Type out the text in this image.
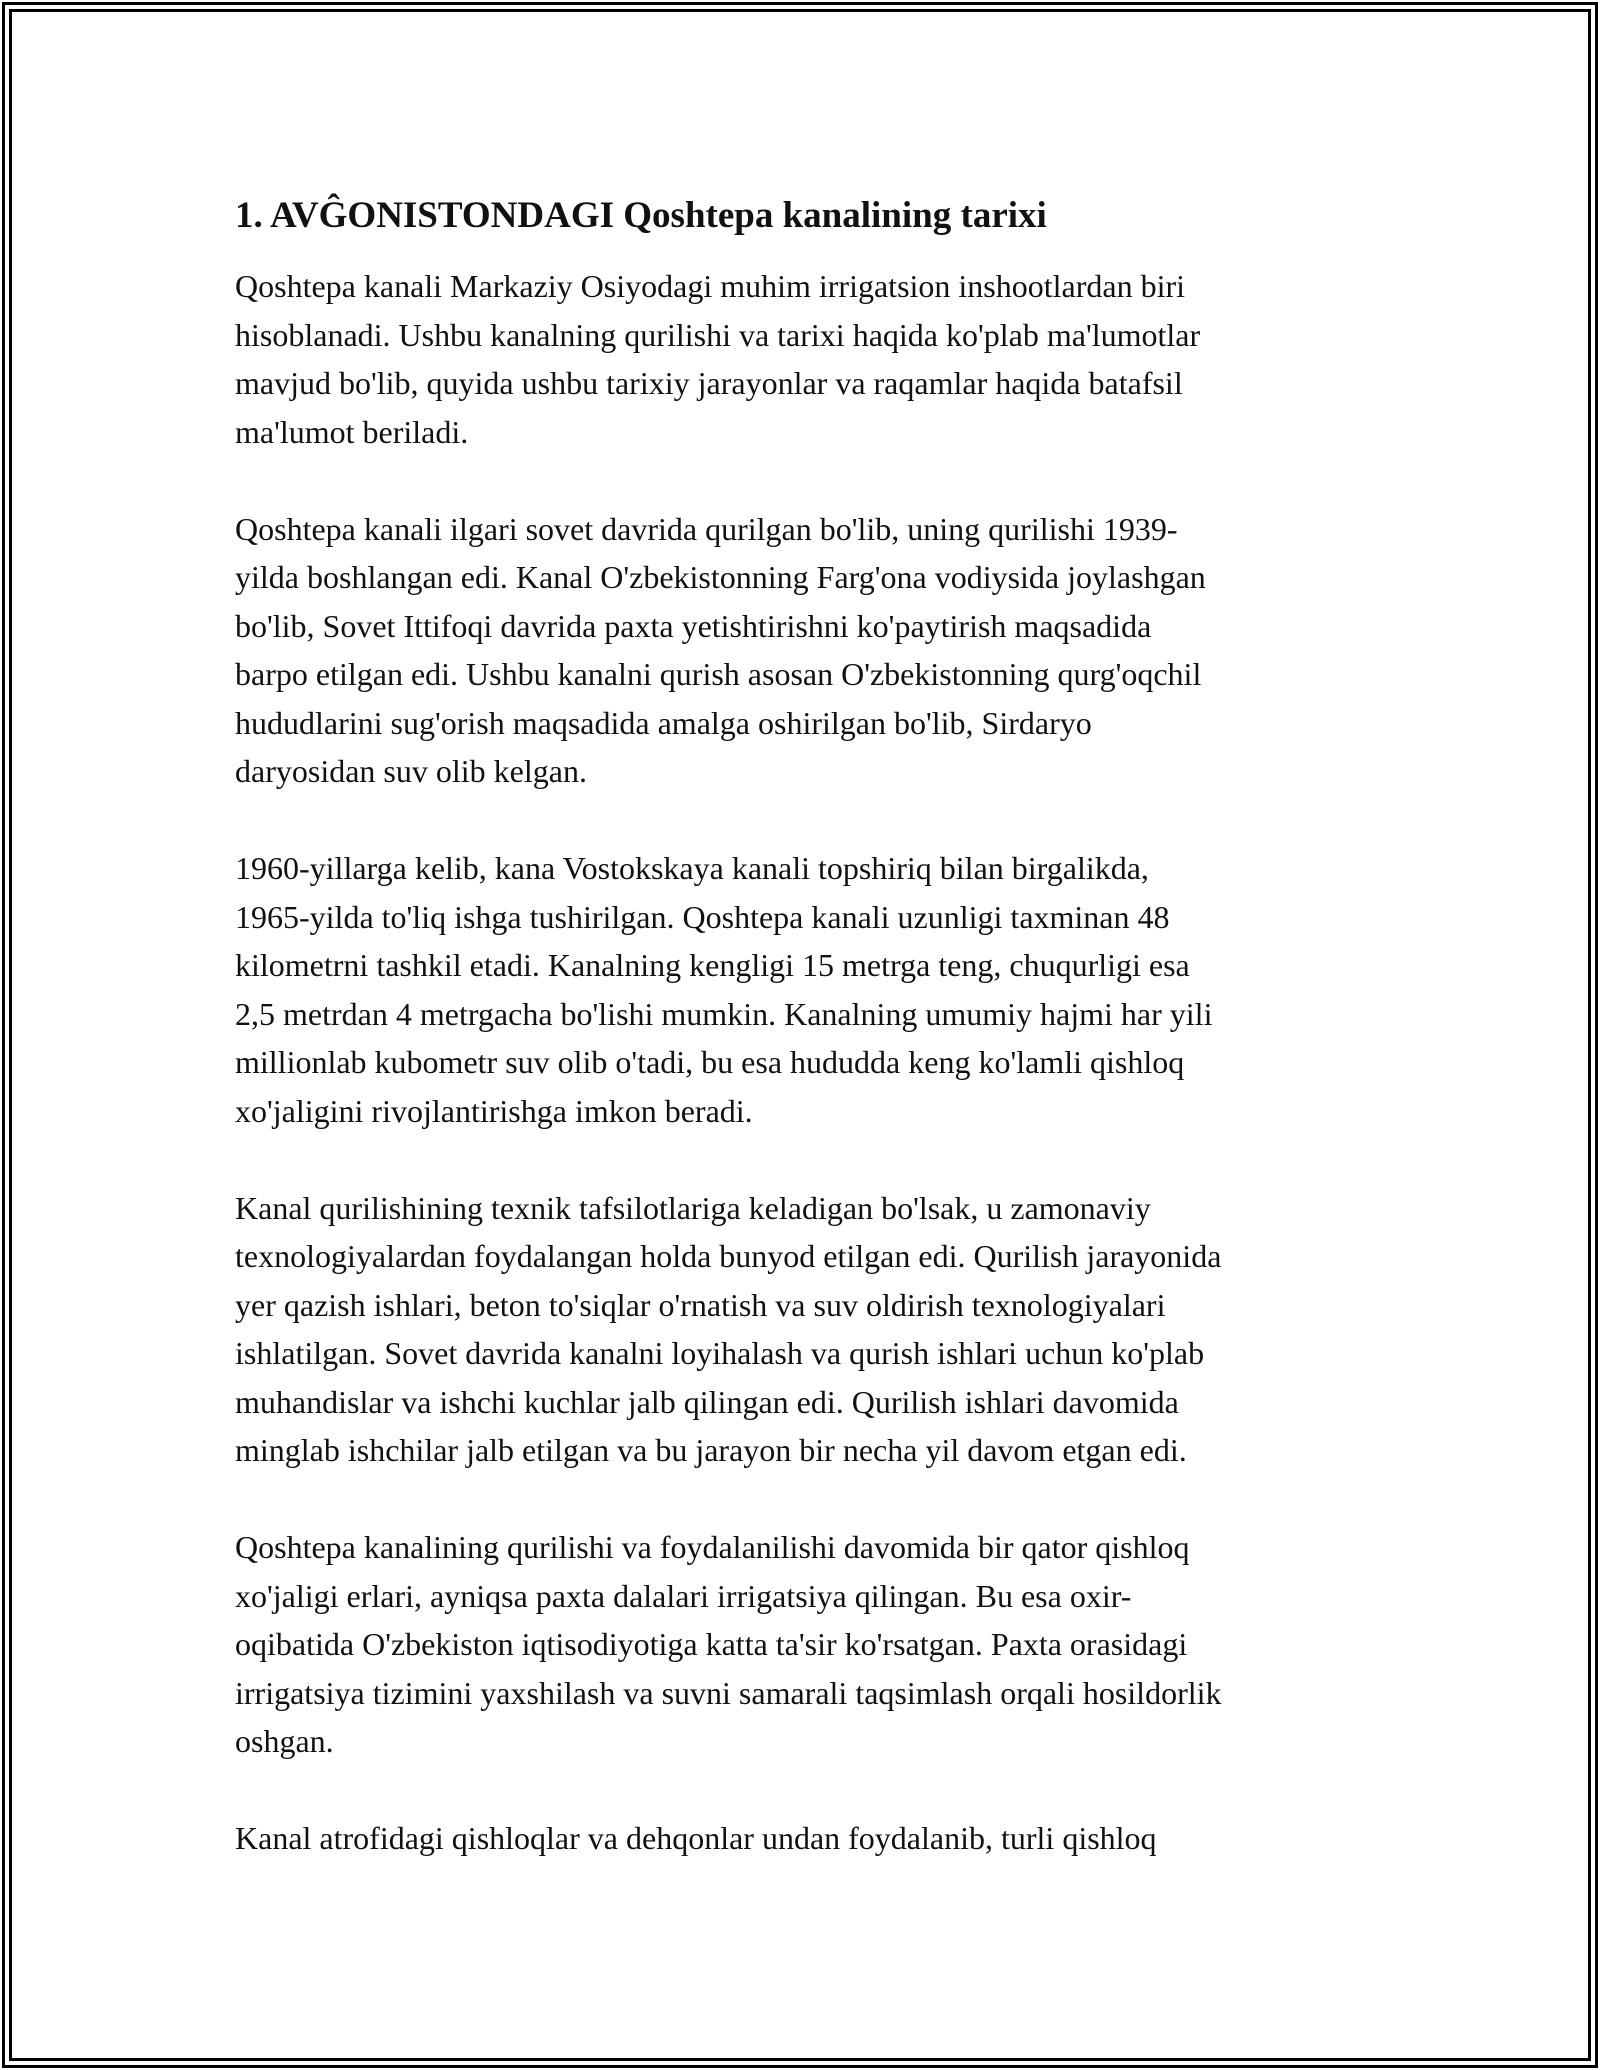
1. AVĜONISTONDAGI Qoshtepa kanalining tarixi

Qoshtepa kanali Markaziy Osiyodagi muhim irrigatsion inshootlardan biri
hisoblanadi. Ushbu kanalning qurilishi va tarixi haqida ko'plab ma'lumotlar
mavjud bo'lib, quyida ushbu tarixiy jarayonlar va raqamlar haqida batafsil
ma'lumot beriladi.

Qoshtepa kanali ilgari sovet davrida qurilgan bo'lib, uning qurilishi 1939-
yilda boshlangan edi. Kanal O'zbekistonning Farg'ona vodiysida joylashgan
bo'lib, Sovet Ittifoqi davrida paxta yetishtirishni ko'paytirish maqsadida
barpo etilgan edi. Ushbu kanalni qurish asosan O'zbekistonning qurg'oqchil
hududlarini sug'orish maqsadida amalga oshirilgan bo'lib, Sirdaryo
daryosidan suv olib kelgan.

1960-yillarga kelib, kana Vostokskaya kanali topshiriq bilan birgalikda,
1965-yilda to'liq ishga tushirilgan. Qoshtepa kanali uzunligi taxminan 48
kilometrni tashkil etadi. Kanalning kengligi 15 metrga teng, chuqurligi esa
2,5 metrdan 4 metrgacha bo'lishi mumkin. Kanalning umumiy hajmi har yili
millionlab kubometr suv olib o'tadi, bu esa hududda keng ko'lamli qishloq
xo'jaligini rivojlantirishga imkon beradi.

Kanal qurilishining texnik tafsilotlariga keladigan bo'lsak, u zamonaviy
texnologiyalardan foydalangan holda bunyod etilgan edi. Qurilish jarayonida
yer qazish ishlari, beton to'siqlar o'rnatish va suv oldirish texnologiyalari
ishlatilgan. Sovet davrida kanalni loyihalash va qurish ishlari uchun ko'plab
muhandislar va ishchi kuchlar jalb qilingan edi. Qurilish ishlari davomida
minglab ishchilar jalb etilgan va bu jarayon bir necha yil davom etgan edi.

Qoshtepa kanalining qurilishi va foydalanilishi davomida bir qator qishloq
xo'jaligi erlari, ayniqsa paxta dalalari irrigatsiya qilingan. Bu esa oxir-
oqibatida O'zbekiston iqtisodiyotiga katta ta'sir ko'rsatgan. Paxta orasidagi
irrigatsiya tizimini yaxshilash va suvni samarali taqsimlash orqali hosildorlik
oshgan.

Kanal atrofidagi qishloqlar va dehqonlar undan foydalanib, turli qishloq
